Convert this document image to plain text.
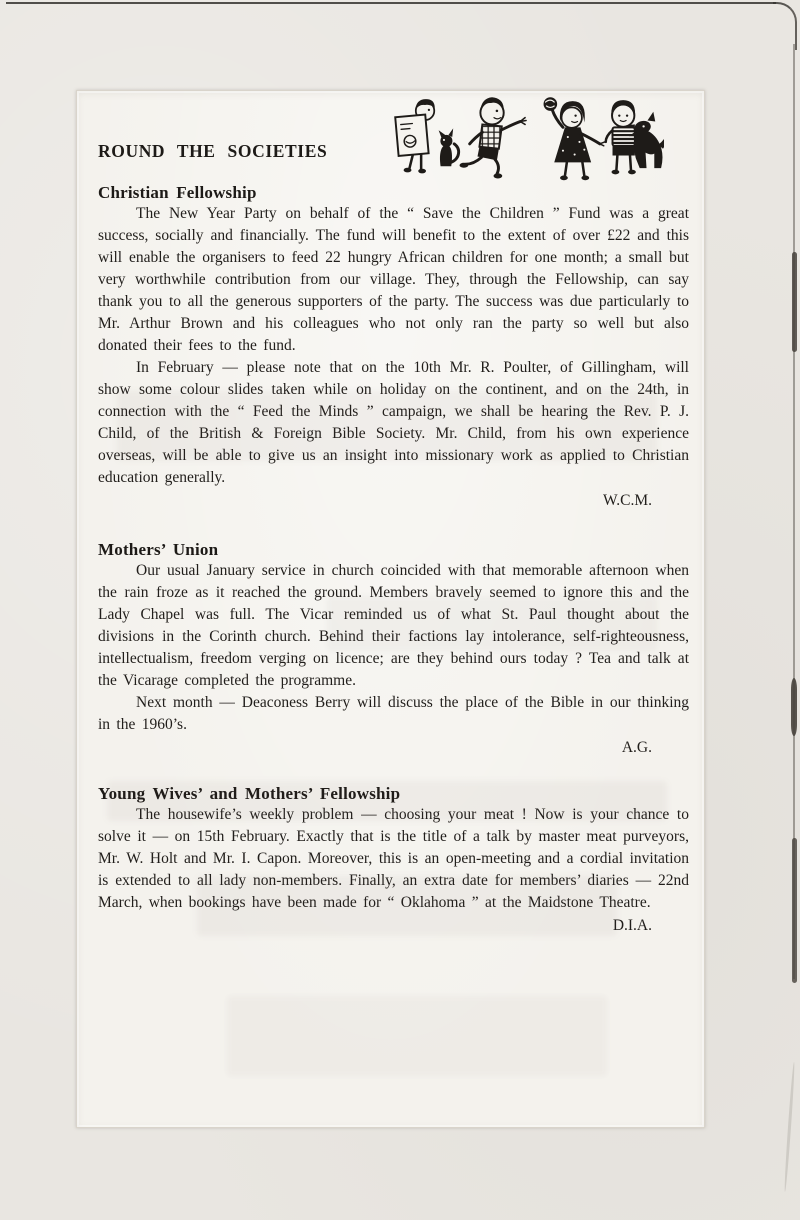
ROUND THE SOCIETIES
Christian Fellowship

The New Year Party on behalf of the “ Save the Children ” Fund was a great success, socially and financially. The fund will benefit to the extent of over £22 and this will enable the organisers to feed 22 hungry African children for one month; a small but very worthwhile contribution from our village. They, through the Fellowship, can say thank you to all the generous supporters of the party. The success was due particularly to Mr. Arthur Brown and his colleagues who not only ran the party so well but also donated their fees to the fund.

In February — please note that on the 10th Mr. R. Poulter, of Gillingham, will show some colour slides taken while on holiday on the continent, and on the 24th, in connection with the “ Feed the Minds ” campaign, we shall be hearing the Rev. P. J. Child, of the British & Foreign Bible Society. Mr. Child, from his own experience overseas, will be able to give us an insight into missionary work as applied to Christian education generally.

W.C.M.
Mothers’ Union

Our usual January service in church coincided with that memorable afternoon when the rain froze as it reached the ground. Members bravely seemed to ignore this and the Lady Chapel was full. The Vicar reminded us of what St. Paul thought about the divisions in the Corinth church. Behind their factions lay intolerance, self-righteousness, intellectualism, freedom verging on licence; are they behind ours today ? Tea and talk at the Vicarage completed the programme.

Next month — Deaconess Berry will discuss the place of the Bible in our thinking in the 1960’s.

A.G.
Young Wives’ and Mothers’ Fellowship

The housewife’s weekly problem — choosing your meat ! Now is your chance to solve it — on 15th February. Exactly that is the title of a talk by master meat purveyors, Mr. W. Holt and Mr. I. Capon. Moreover, this is an open-meeting and a cordial invitation is extended to all lady non-members. Finally, an extra date for members’ diaries — 22nd March, when bookings have been made for “ Oklahoma ” at the Maidstone Theatre.

D.I.A.
